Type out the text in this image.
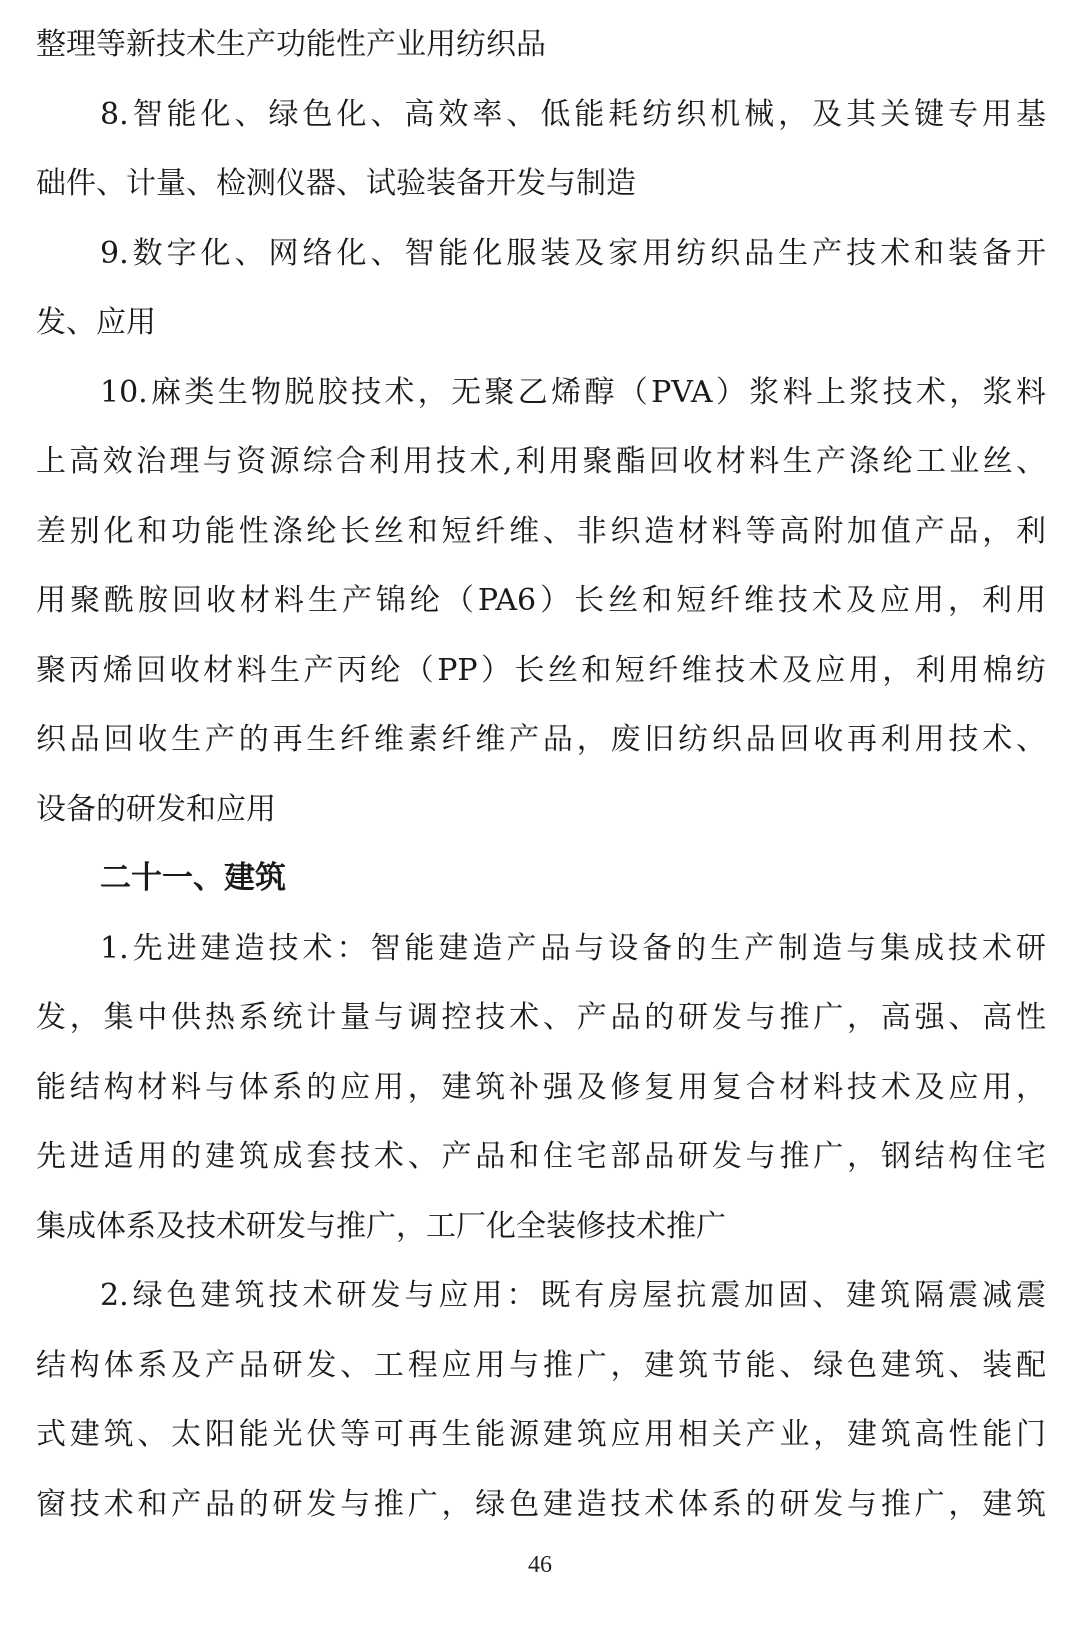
整理等新技术生产功能性产业用纺织品
8.智能化、绿色化、高效率、低能耗纺织机械，及其关键专用基
础件、计量、检测仪器、试验装备开发与制造
9.数字化、网络化、智能化服装及家用纺织品生产技术和装备开
发、应用
10.麻类生物脱胶技术，无聚乙烯醇（PVA）浆料上浆技术，浆料
上高效治理与资源综合利用技术,利用聚酯回收材料生产涤纶工业丝、
差别化和功能性涤纶长丝和短纤维、非织造材料等高附加值产品，利
用聚酰胺回收材料生产锦纶（PA6）长丝和短纤维技术及应用，利用
聚丙烯回收材料生产丙纶（PP）长丝和短纤维技术及应用，利用棉纺
织品回收生产的再生纤维素纤维产品，废旧纺织品回收再利用技术、
设备的研发和应用
二十一、建筑
1.先进建造技术：智能建造产品与设备的生产制造与集成技术研
发，集中供热系统计量与调控技术、产品的研发与推广，高强、高性
能结构材料与体系的应用，建筑补强及修复用复合材料技术及应用，
先进适用的建筑成套技术、产品和住宅部品研发与推广，钢结构住宅
集成体系及技术研发与推广，工厂化全装修技术推广
2.绿色建筑技术研发与应用：既有房屋抗震加固、建筑隔震减震
结构体系及产品研发、工程应用与推广，建筑节能、绿色建筑、装配
式建筑、太阳能光伏等可再生能源建筑应用相关产业，建筑高性能门
窗技术和产品的研发与推广，绿色建造技术体系的研发与推广，建筑
46
